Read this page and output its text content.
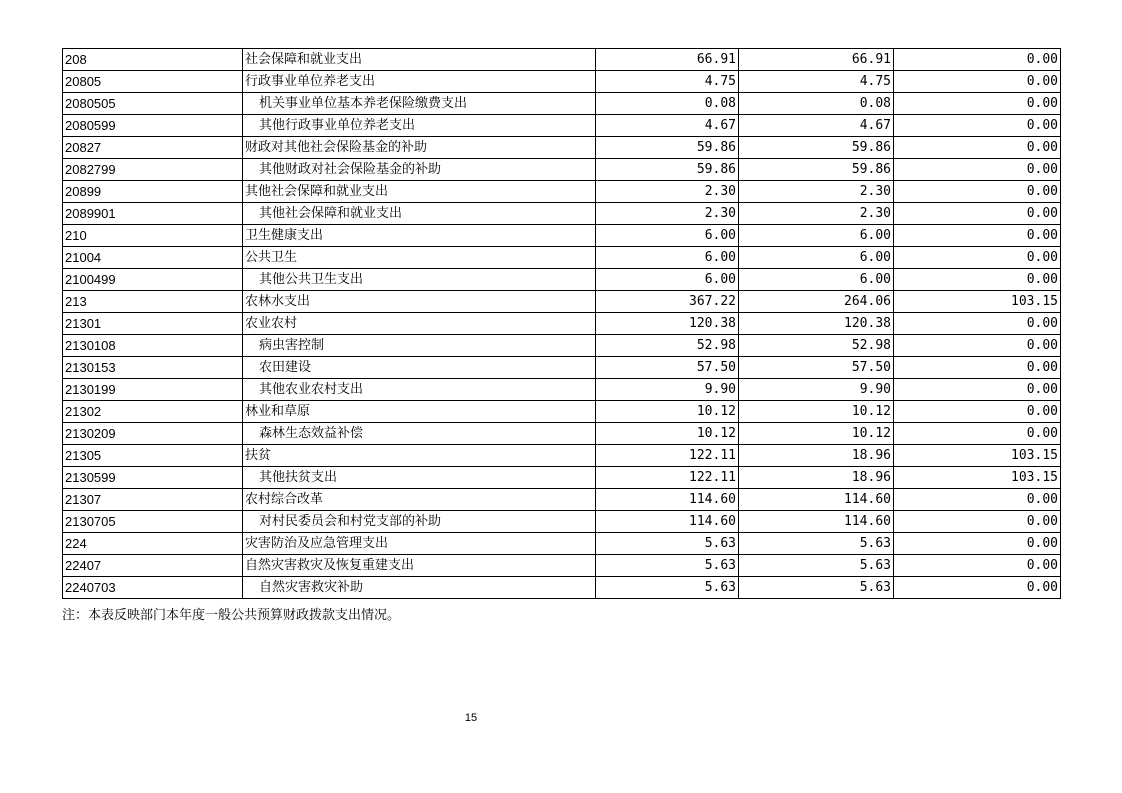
208	社会保障和就业支出	66.91	66.91	0.00
20805	行政事业单位养老支出	4.75	4.75	0.00
2080505	机关事业单位基本养老保险缴费支出	0.08	0.08	0.00
2080599	其他行政事业单位养老支出	4.67	4.67	0.00
20827	财政对其他社会保险基金的补助	59.86	59.86	0.00
2082799	其他财政对社会保险基金的补助	59.86	59.86	0.00
20899	其他社会保障和就业支出	2.30	2.30	0.00
2089901	其他社会保障和就业支出	2.30	2.30	0.00
210	卫生健康支出	6.00	6.00	0.00
21004	公共卫生	6.00	6.00	0.00
2100499	其他公共卫生支出	6.00	6.00	0.00
213	农林水支出	367.22	264.06	103.15
21301	农业农村	120.38	120.38	0.00
2130108	病虫害控制	52.98	52.98	0.00
2130153	农田建设	57.50	57.50	0.00
2130199	其他农业农村支出	9.90	9.90	0.00
21302	林业和草原	10.12	10.12	0.00
2130209	森林生态效益补偿	10.12	10.12	0.00
21305	扶贫	122.11	18.96	103.15
2130599	其他扶贫支出	122.11	18.96	103.15
21307	农村综合改革	114.60	114.60	0.00
2130705	对村民委员会和村党支部的补助	114.60	114.60	0.00
224	灾害防治及应急管理支出	5.63	5.63	0.00
22407	自然灾害救灾及恢复重建支出	5.63	5.63	0.00
2240703	自然灾害救灾补助	5.63	5.63	0.00
注：本表反映部门本年度一般公共预算财政拨款支出情况。
15
